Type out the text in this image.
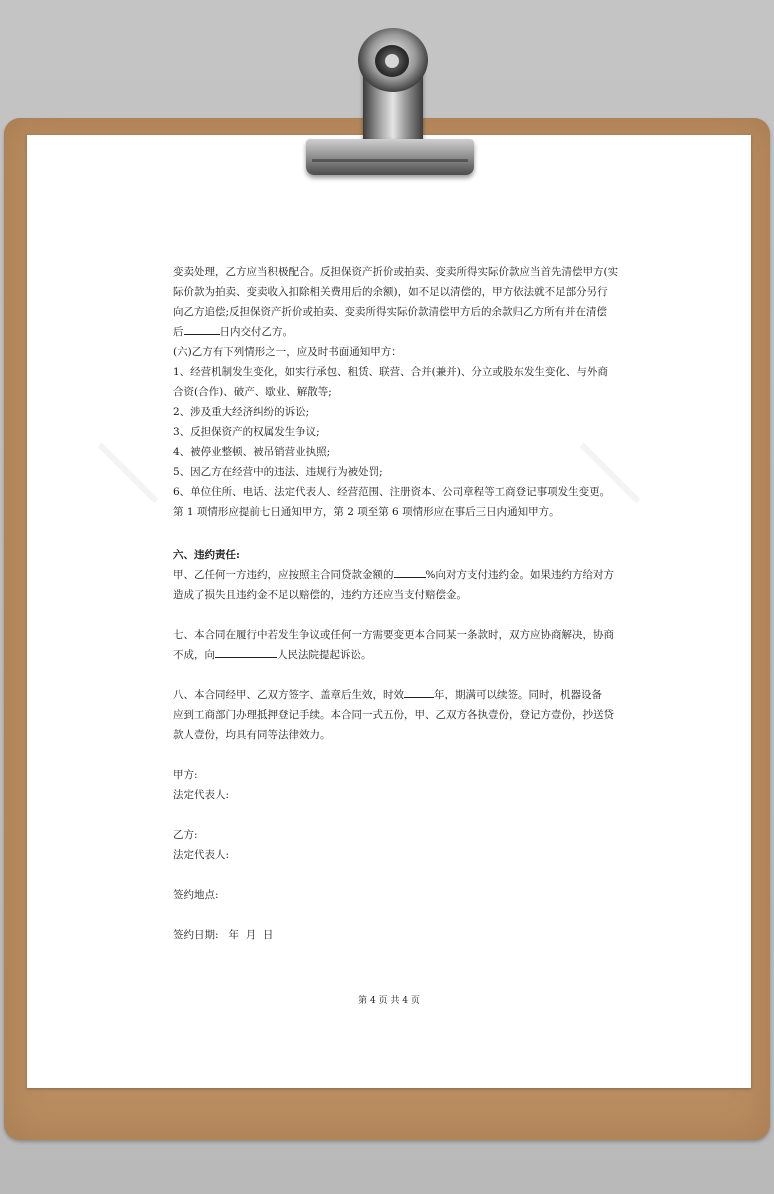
变卖处理，乙方应当积极配合。反担保资产折价或拍卖、变卖所得实际价款应当首先清偿甲方(实
际价款为拍卖、变卖收入扣除相关费用后的余额)，如不足以清偿的，甲方依法就不足部分另行
向乙方追偿;反担保资产折价或拍卖、变卖所得实际价款清偿甲方后的余款归乙方所有并在清偿
后	日内交付乙方。
(六)乙方有下列情形之一，应及时书面通知甲方：
1、经营机制发生变化，如实行承包、租赁、联营、合并(兼并)、分立或股东发生变化、与外商
合资(合作)、破产、歇业、解散等;
2、涉及重大经济纠纷的诉讼;
3、反担保资产的权属发生争议;
4、被停业整顿、被吊销营业执照;
5、因乙方在经营中的违法、违规行为被处罚;
6、单位住所、电话、法定代表人、经营范围、注册资本、公司章程等工商登记事项发生变更。
第 1 项情形应提前七日通知甲方，第 2 项至第 6 项情形应在事后三日内通知甲方。
六、违约责任:
甲、乙任何一方违约，应按照主合同贷款金额的	%向对方支付违约金。如果违约方给对方
造成了损失且违约金不足以赔偿的，违约方还应当支付赔偿金。
七、本合同在履行中若发生争议或任何一方需要变更本合同某一条款时，双方应协商解决，协商
不成，向	人民法院提起诉讼。
八、本合同经甲、乙双方签字、盖章后生效，时效	年，期满可以续签。同时，机器设备
应到工商部门办理抵押登记手续。本合同一式五份，甲、乙双方各执壹份，登记方壹份，抄送贷
款人壹份，均具有同等法律效力。
甲方:
法定代表人:
乙方:
法定代表人:
签约地点:
签约日期:   年  月  日
第 4 页 共 4 页
